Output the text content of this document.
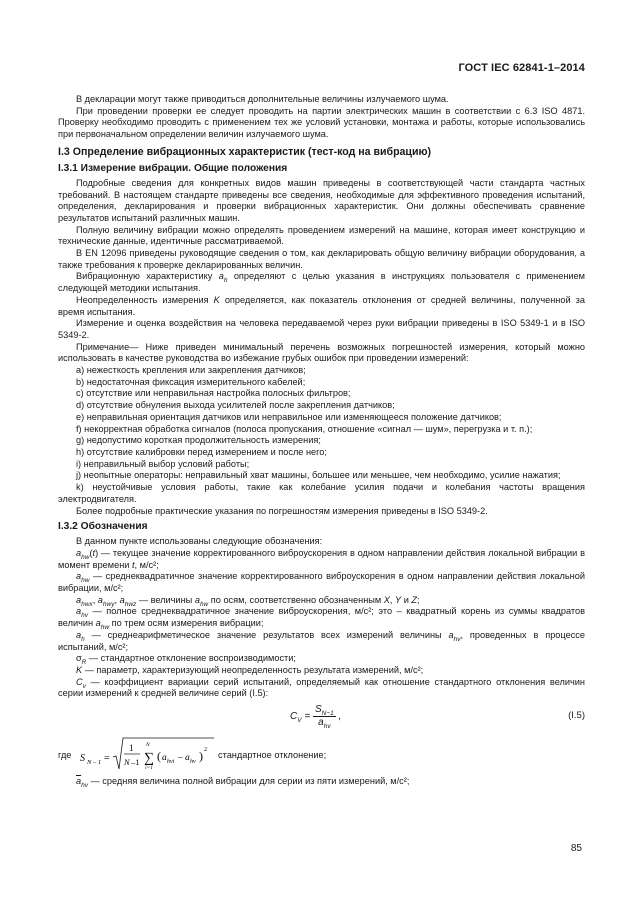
ГОСТ IEC 62841-1–2014

В декларации могут также приводиться дополнительные величины излучаемого шума.

При проведении проверки ее следует проводить на партии электрических машин в соответствии с 6.3 ISO 4871. Проверку необходимо проводить с применением тех же условий установки, монтажа и работы, которые использовались при первоначальном определении величин излучаемого шума.

I.3 Определение вибрационных характеристик (тест-код на вибрацию)

I.3.1 Измерение вибрации. Общие положения

Подробные сведения для конкретных видов машин приведены в соответствующей части стандарта частных требований. В настоящем стандарте приведены все сведения, необходимые для эффективного проведения испытаний, определения, декларирования и проверки вибрационных характеристик. Они должны обеспечивать сравнение результатов испытаний различных машин.

Полную величину вибрации можно определять проведением измерений на машине, которая имеет конструкцию и технические данные, идентичные рассматриваемой.

В EN 12096 приведены руководящие сведения о том, как декларировать общую величину вибрации оборудования, а также требования к проверке декларированных величин.

Вибрационную характеристику $a_h$ определяют с целью указания в инструкциях пользователя с применением следующей методики испытания.

Неопределенность измерения K определяется, как показатель отклонения от средней величины, полученной за время испытания.

Измерение и оценка воздействия на человека передаваемой через руки вибрации приведены в ISO 5349-1 и в ISO 5349-2.

Примечание— Ниже приведен минимальный перечень возможных погрешностей измерения, который можно использовать в качестве руководства во избежание грубых ошибок при проведении измерений:

а) нежесткость крепления или закрепления датчиков;

b) недостаточная фиксация измерительного кабелей;

c) отсутствие или неправильная настройка полосных фильтров;

d) отсутствие обнуления выхода усилителей после закрепления датчиков;

e) неправильная ориентация датчиков или неправильное или изменяющееся положение датчиков;

f) некорректная обработка сигналов (полоса пропускания, отношение «сигнал — шум», перегрузка и т. п.);

g) недопустимо короткая продолжительность измерения;

h) отсутствие калибровки перед измерением и после него;

i) неправильный выбор условий работы;

j) неопытные операторы: неправильный хват машины, большее или меньшее, чем необходимо, усилие нажатия;

k) неустойчивые условия работы, такие как колебание усилия подачи и колебания частоты вращения электродвигателя.

Более подробные практические указания по погрешностям измерения приведены в ISO 5349-2.

I.3.2 Обозначения

В данном пункте использованы следующие обозначения:

$a_{hw}(t)$ — текущее значение корректированного виброускорения в одном направлении действия локальной вибрации в момент времени t, м/с²;

$a_{hw}$ — среднеквадратичное значение корректированного виброускорения в одном направлении действия локальной вибрации, м/с²;

$a_{hwx}$, $a_{hwy}$, $a_{hwz}$ — величины $a_{hw}$ по осям, соответственно обозначенным X, Y и Z;

$a_{hv}$ — полное среднеквадратичное значение виброускорения, м/с²; это – квадратный корень из суммы квадратов величин $a_{hw}$ по трем осям измерения вибрации;

$a_h$ — среднеарифметическое значение результатов всех измерений величины $a_{hv}$, проведенных в процессе испытаний, м/с²;

$\sigma_R$ — стандартное отклонение воспроизводимости;

K — параметр, характеризующий неопределенность результата измерений, м/с²;

$C_v$ — коэффициент вариации серий испытаний, определяемый как отношение стандартного отклонения величин серии измерений к средней величине серий (I.5):

$C_V = \frac{S_{N-1}}{\overline{a}_{hv}}$ ,	(I.5)
где S N – 1 =
1
N –1 ∑
N
i=1
( a hvi – a hv ) 2 стандартное отклонение;

$\overline{a}_{hv}$ — средняя величина полной вибрации для серии из пяти измерений, м/с²;

85
